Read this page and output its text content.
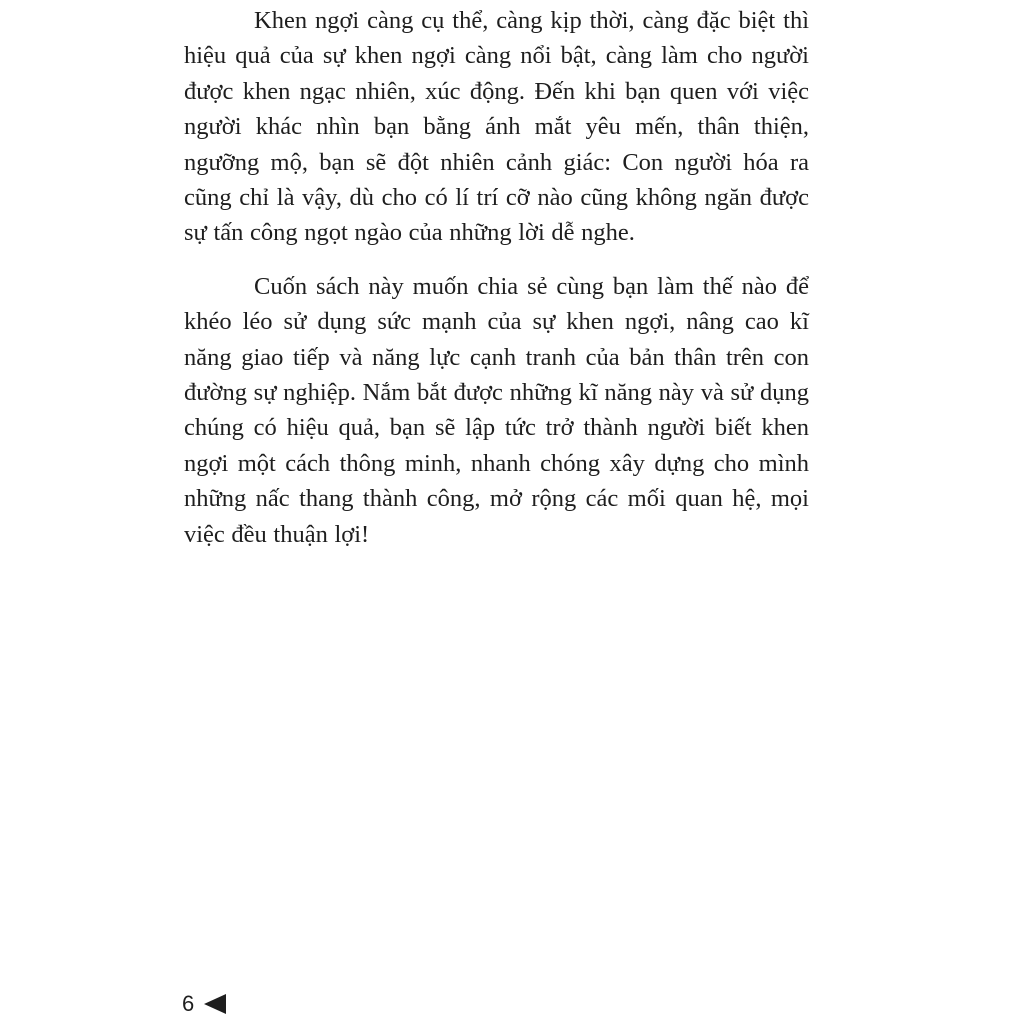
Khen ngợi càng cụ thể, càng kịp thời, càng đặc biệt thì hiệu quả của sự khen ngợi càng nổi bật, càng làm cho người được khen ngạc nhiên, xúc động. Đến khi bạn quen với việc người khác nhìn bạn bằng ánh mắt yêu mến, thân thiện, ngưỡng mộ, bạn sẽ đột nhiên cảnh giác: Con người hóa ra cũng chỉ là vậy, dù cho có lí trí cỡ nào cũng không ngăn được sự tấn công ngọt ngào của những lời dễ nghe.

Cuốn sách này muốn chia sẻ cùng bạn làm thế nào để khéo léo sử dụng sức mạnh của sự khen ngợi, nâng cao kĩ năng giao tiếp và năng lực cạnh tranh của bản thân trên con đường sự nghiệp. Nắm bắt được những kĩ năng này và sử dụng chúng có hiệu quả, bạn sẽ lập tức trở thành người biết khen ngợi một cách thông minh, nhanh chóng xây dựng cho mình những nấc thang thành công, mở rộng các mối quan hệ, mọi việc đều thuận lợi!

6
